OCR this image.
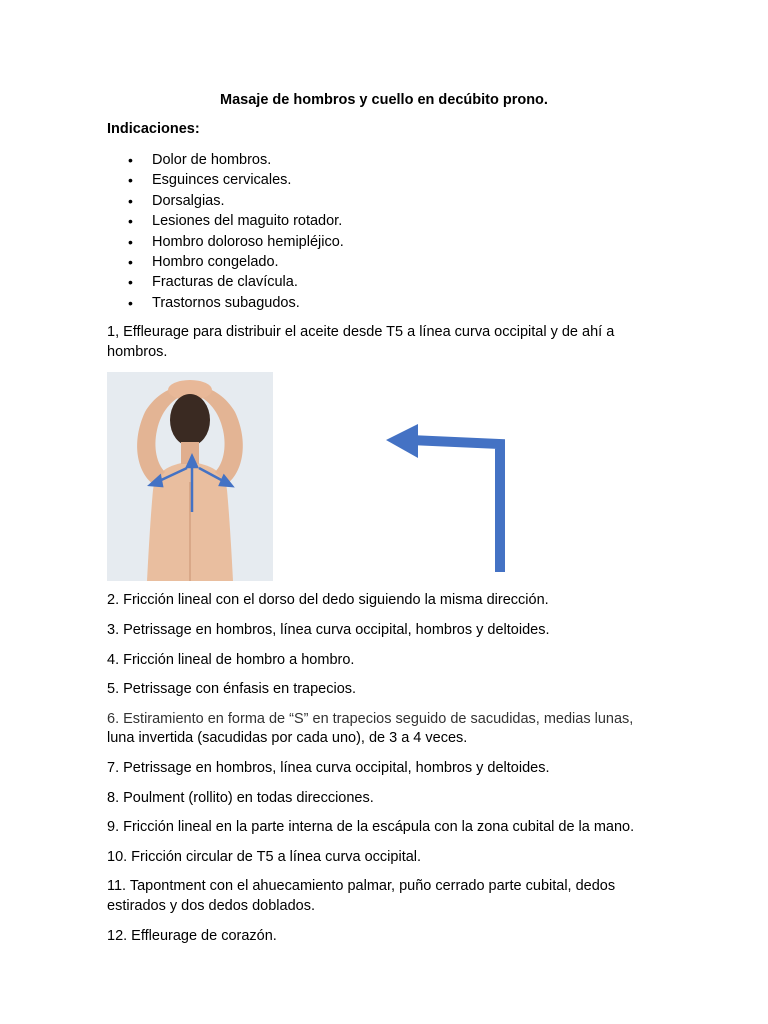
Masaje de hombros y cuello en decúbito prono.
Indicaciones:
• Dolor de hombros.
• Esguinces cervicales.
• Dorsalgias.
• Lesiones del maguito rotador.
• Hombro doloroso hemipléjico.
• Hombro congelado.
• Fracturas de clavícula.
• Trastornos subagudos.
1, Effleurage para distribuir el aceite desde T5 a línea curva occipital y de ahí a hombros.
2. Fricción lineal con el dorso del dedo siguiendo la misma dirección.
3. Petrissage en hombros, línea curva occipital, hombros y deltoides.
4. Fricción lineal de hombro a hombro.
5. Petrissage con énfasis en trapecios.
6. Estiramiento en forma de “S” en trapecios seguido de sacudidas, medias lunas,
luna invertida (sacudidas por cada uno), de 3 a 4 veces.
7. Petrissage en hombros, línea curva occipital, hombros y deltoides.
8. Poulment (rollito) en todas direcciones.
9. Fricción lineal en la parte interna de la escápula con la zona cubital de la mano.
10. Fricción circular de T5 a línea curva occipital.
11. Tapontment con el ahuecamiento palmar, puño cerrado parte cubital, dedos estirados y dos dedos doblados.
12. Effleurage de corazón.
